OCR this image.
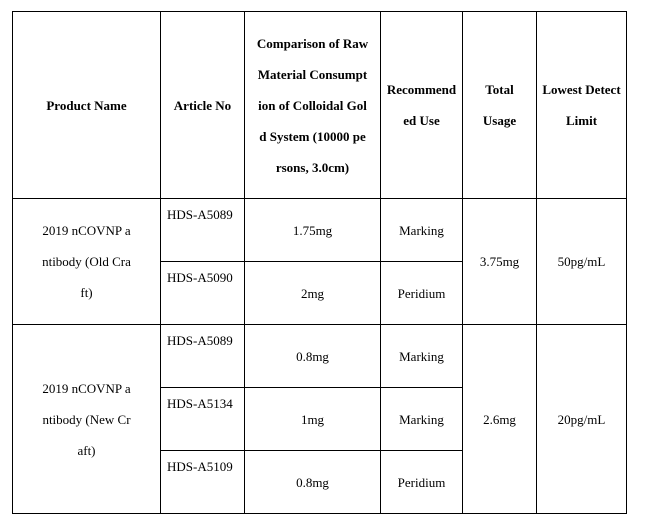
Product Name	Article No	Comparison of Raw Material Consumption of Colloidal Gold System (10000 persons, 3.0cm)	Recommended Use	Total Usage	Lowest Detect Limit

2019 nCOVNP antibody (Old Craft)	HDS-A5089	1.75mg	Marking	3.75mg	50pg/mL

	HDS-A5090	2mg	Peridium		

2019 nCOVNP antibody (New Craft)	HDS-A5089	0.8mg	Marking	2.6mg	20pg/mL

	HDS-A5134	1mg	Marking		

	HDS-A5109	0.8mg	Peridium		
